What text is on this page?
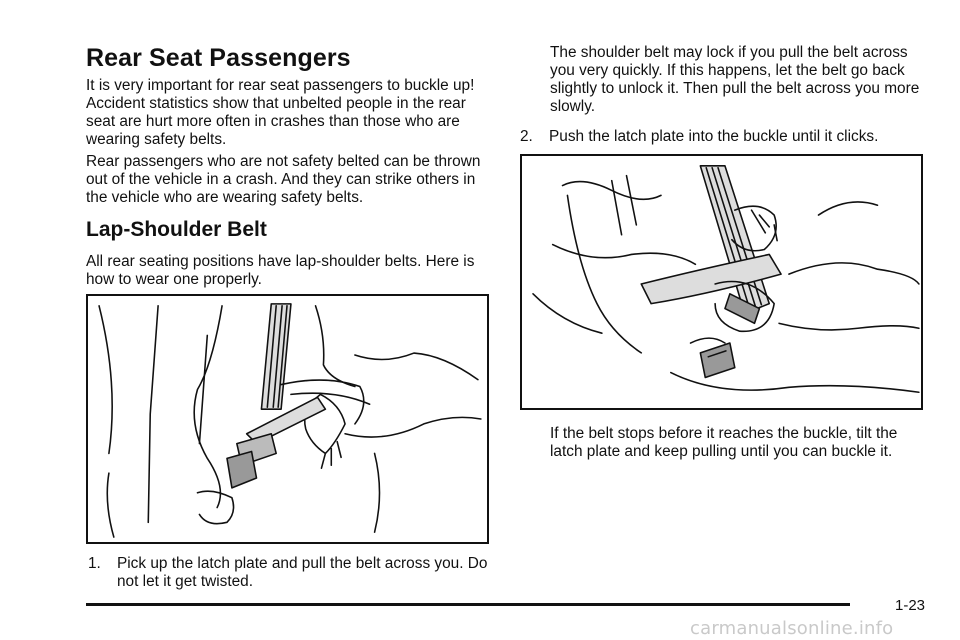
Rear Seat Passengers

It is very important for rear seat passengers to buckle up! Accident statistics show that unbelted people in the rear seat are hurt more often in crashes than those who are wearing safety belts.

Rear passengers who are not safety belted can be thrown out of the vehicle in a crash. And they can strike others in the vehicle who are wearing safety belts.

Lap-Shoulder Belt

All rear seating positions have lap-shoulder belts. Here is how to wear one properly.

1. Pick up the latch plate and pull the belt across you. Do not let it get twisted.

The shoulder belt may lock if you pull the belt across you very quickly. If this happens, let the belt go back slightly to unlock it. Then pull the belt across you more slowly.

2. Push the latch plate into the buckle until it clicks.

If the belt stops before it reaches the buckle, tilt the latch plate and keep pulling until you can buckle it.

1-23
carmanualsonline.info
